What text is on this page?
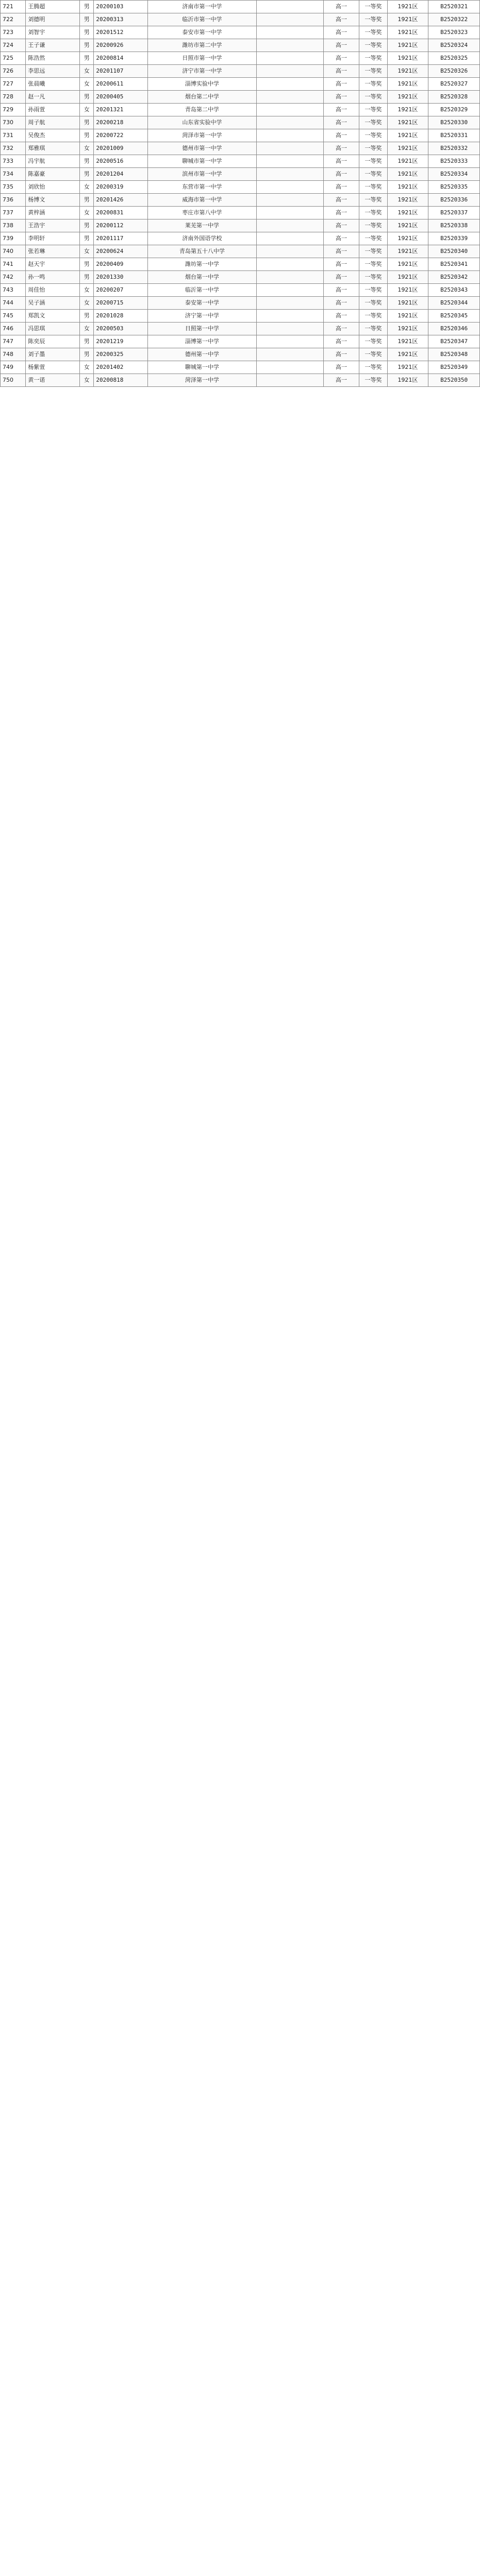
721	王腾超	男	20200103	济南市第一中学		高一	一等奖	1921区	B2520321
722	刘德明	男	20200313	临沂市第一中学		高一	一等奖	1921区	B2520322
723	刘智宇	男	20201512	泰安市第一中学		高一	一等奖	1921区	B2520323
724	王子谦	男	20200926	潍坊市第二中学		高一	一等奖	1921区	B2520324
725	陈浩然	男	20200814	日照市第一中学		高一	一等奖	1921区	B2520325
726	李思远	女	20201107	济宁市第一中学		高一	一等奖	1921区	B2520326
727	张晨曦	女	20200611	淄博实验中学		高一	一等奖	1921区	B2520327
728	赵一凡	男	20200405	烟台第二中学		高一	一等奖	1921区	B2520328
729	孙雨萱	女	20201321	青岛第二中学		高一	一等奖	1921区	B2520329
730	周子航	男	20200218	山东省实验中学		高一	一等奖	1921区	B2520330
731	吴俊杰	男	20200722	菏泽市第一中学		高一	一等奖	1921区	B2520331
732	郑雅琪	女	20201009	德州市第一中学		高一	一等奖	1921区	B2520332
733	冯宇航	男	20200516	聊城市第一中学		高一	一等奖	1921区	B2520333
734	陈嘉豪	男	20201204	滨州市第一中学		高一	一等奖	1921区	B2520334
735	刘欣怡	女	20200319	东营市第一中学		高一	一等奖	1921区	B2520335
736	杨博文	男	20201426	威海市第一中学		高一	一等奖	1921区	B2520336
737	黄梓涵	女	20200831	枣庄市第八中学		高一	一等奖	1921区	B2520337
738	王浩宇	男	20200112	莱芜第一中学		高一	一等奖	1921区	B2520338
739	李明轩	男	20201117	济南外国语学校		高一	一等奖	1921区	B2520339
740	张若琳	女	20200624	青岛第五十八中学		高一	一等奖	1921区	B2520340
741	赵天宇	男	20200409	潍坊第一中学		高一	一等奖	1921区	B2520341
742	孙一鸣	男	20201330	烟台第一中学		高一	一等奖	1921区	B2520342
743	周佳怡	女	20200207	临沂第一中学		高一	一等奖	1921区	B2520343
744	吴子涵	女	20200715	泰安第一中学		高一	一等奖	1921区	B2520344
745	郑凯文	男	20201028	济宁第一中学		高一	一等奖	1921区	B2520345
746	冯思琪	女	20200503	日照第一中学		高一	一等奖	1921区	B2520346
747	陈奕辰	男	20201219	淄博第一中学		高一	一等奖	1921区	B2520347
748	刘子墨	男	20200325	德州第一中学		高一	一等奖	1921区	B2520348
749	杨紫萱	女	20201402	聊城第一中学		高一	一等奖	1921区	B2520349
750	黄一诺	女	20200818	菏泽第一中学		高一	一等奖	1921区	B2520350
